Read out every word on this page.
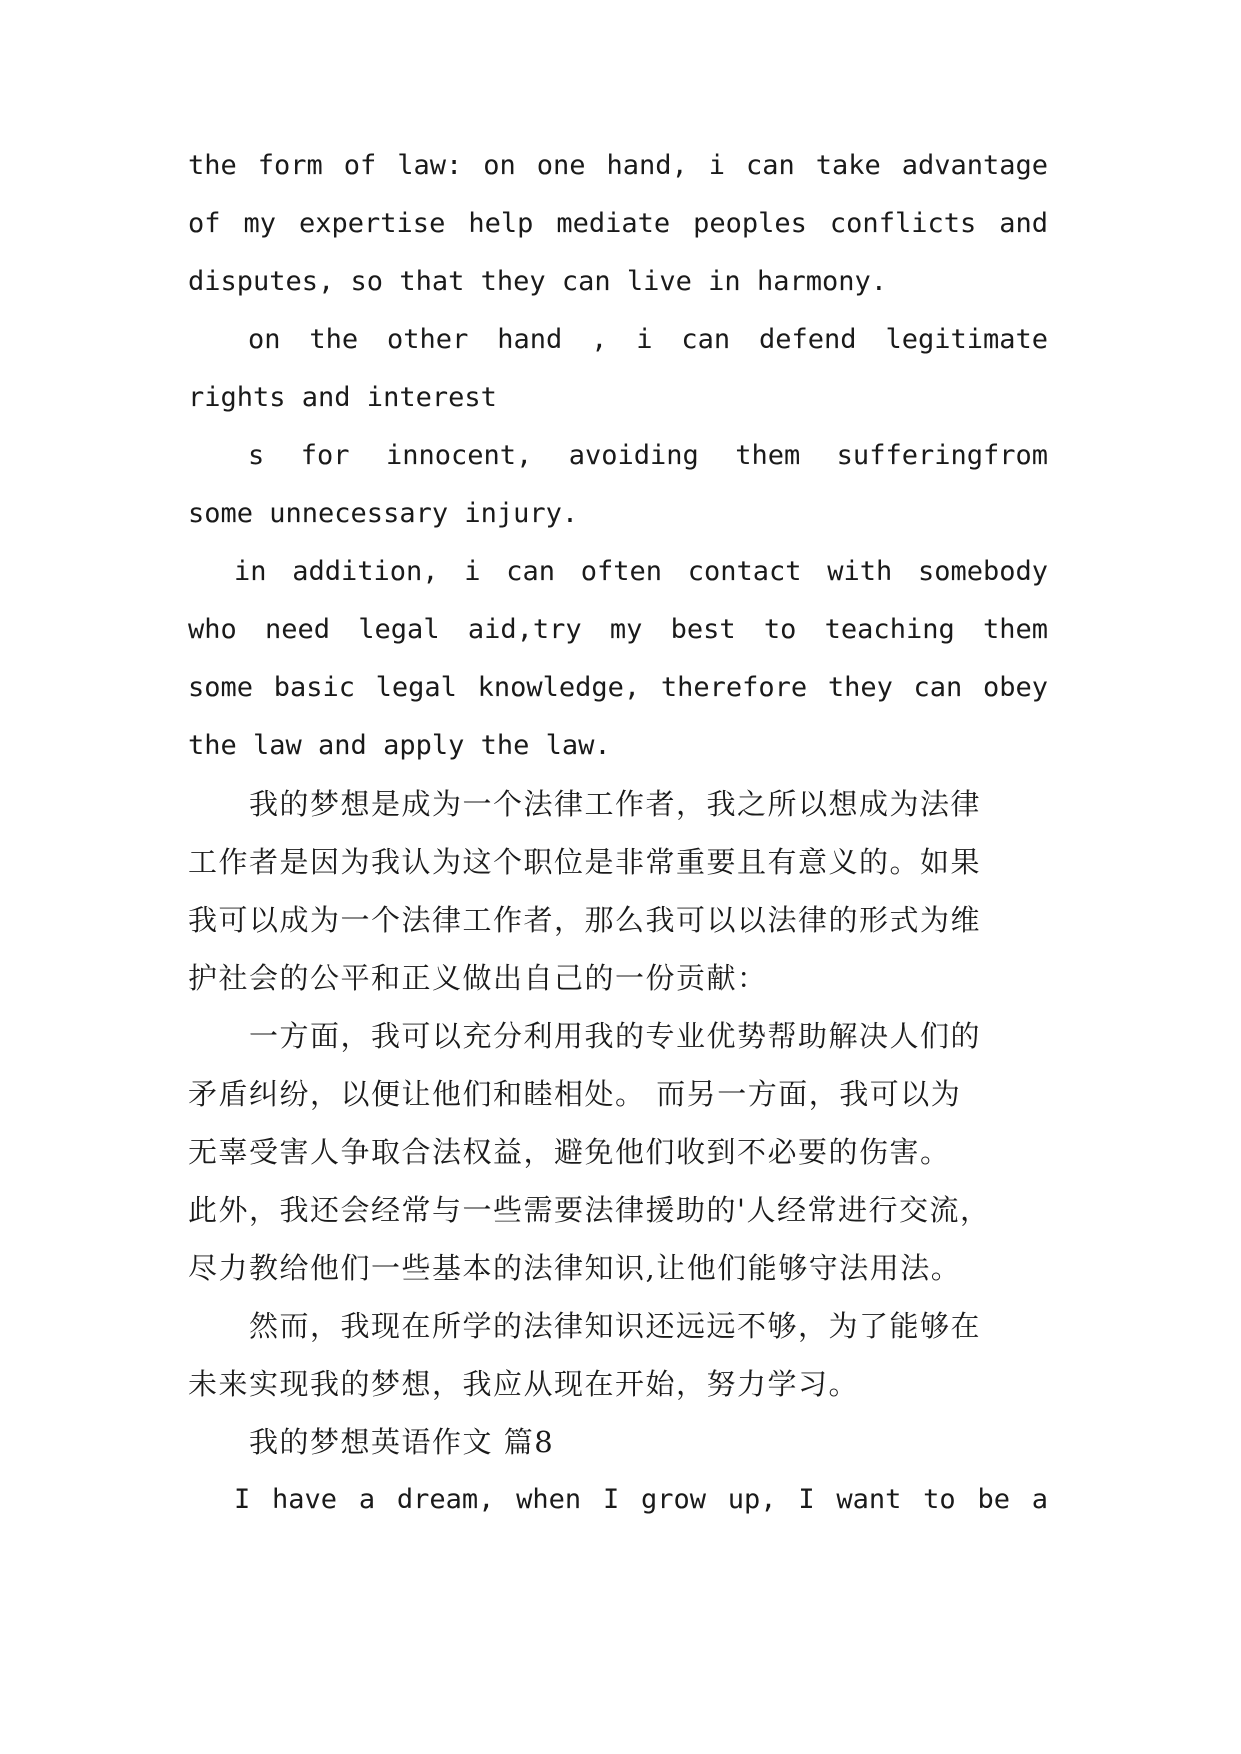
the form of law: on one hand, i can take advantage
of my expertise help mediate peoples conflicts and
disputes, so that they can live in harmony.
on the other hand , i can defend legitimate
rights and interest
s for innocent, avoiding them sufferingfrom
some unnecessary injury.
in addition, i can often contact with somebody
who need legal aid,try my best to teaching them
some basic legal knowledge, therefore they can obey
the law and apply the law.
　　我的梦想是成为一个法律工作者，我之所以想成为法律
工作者是因为我认为这个职位是非常重要且有意义的。如果
我可以成为一个法律工作者，那么我可以以法律的形式为维
护社会的公平和正义做出自己的一份贡献：
　　一方面，我可以充分利用我的专业优势帮助解决人们的
矛盾纠纷，以便让他们和睦相处。 而另一方面，我可以为
无辜受害人争取合法权益，避免他们收到不必要的伤害。
此外，我还会经常与一些需要法律援助的'人经常进行交流，
尽力教给他们一些基本的法律知识,让他们能够守法用法。
　　然而，我现在所学的法律知识还远远不够，为了能够在
未来实现我的梦想，我应从现在开始，努力学习。
　　我的梦想英语作文 篇8
I have a dream, when I grow up, I want to be a
